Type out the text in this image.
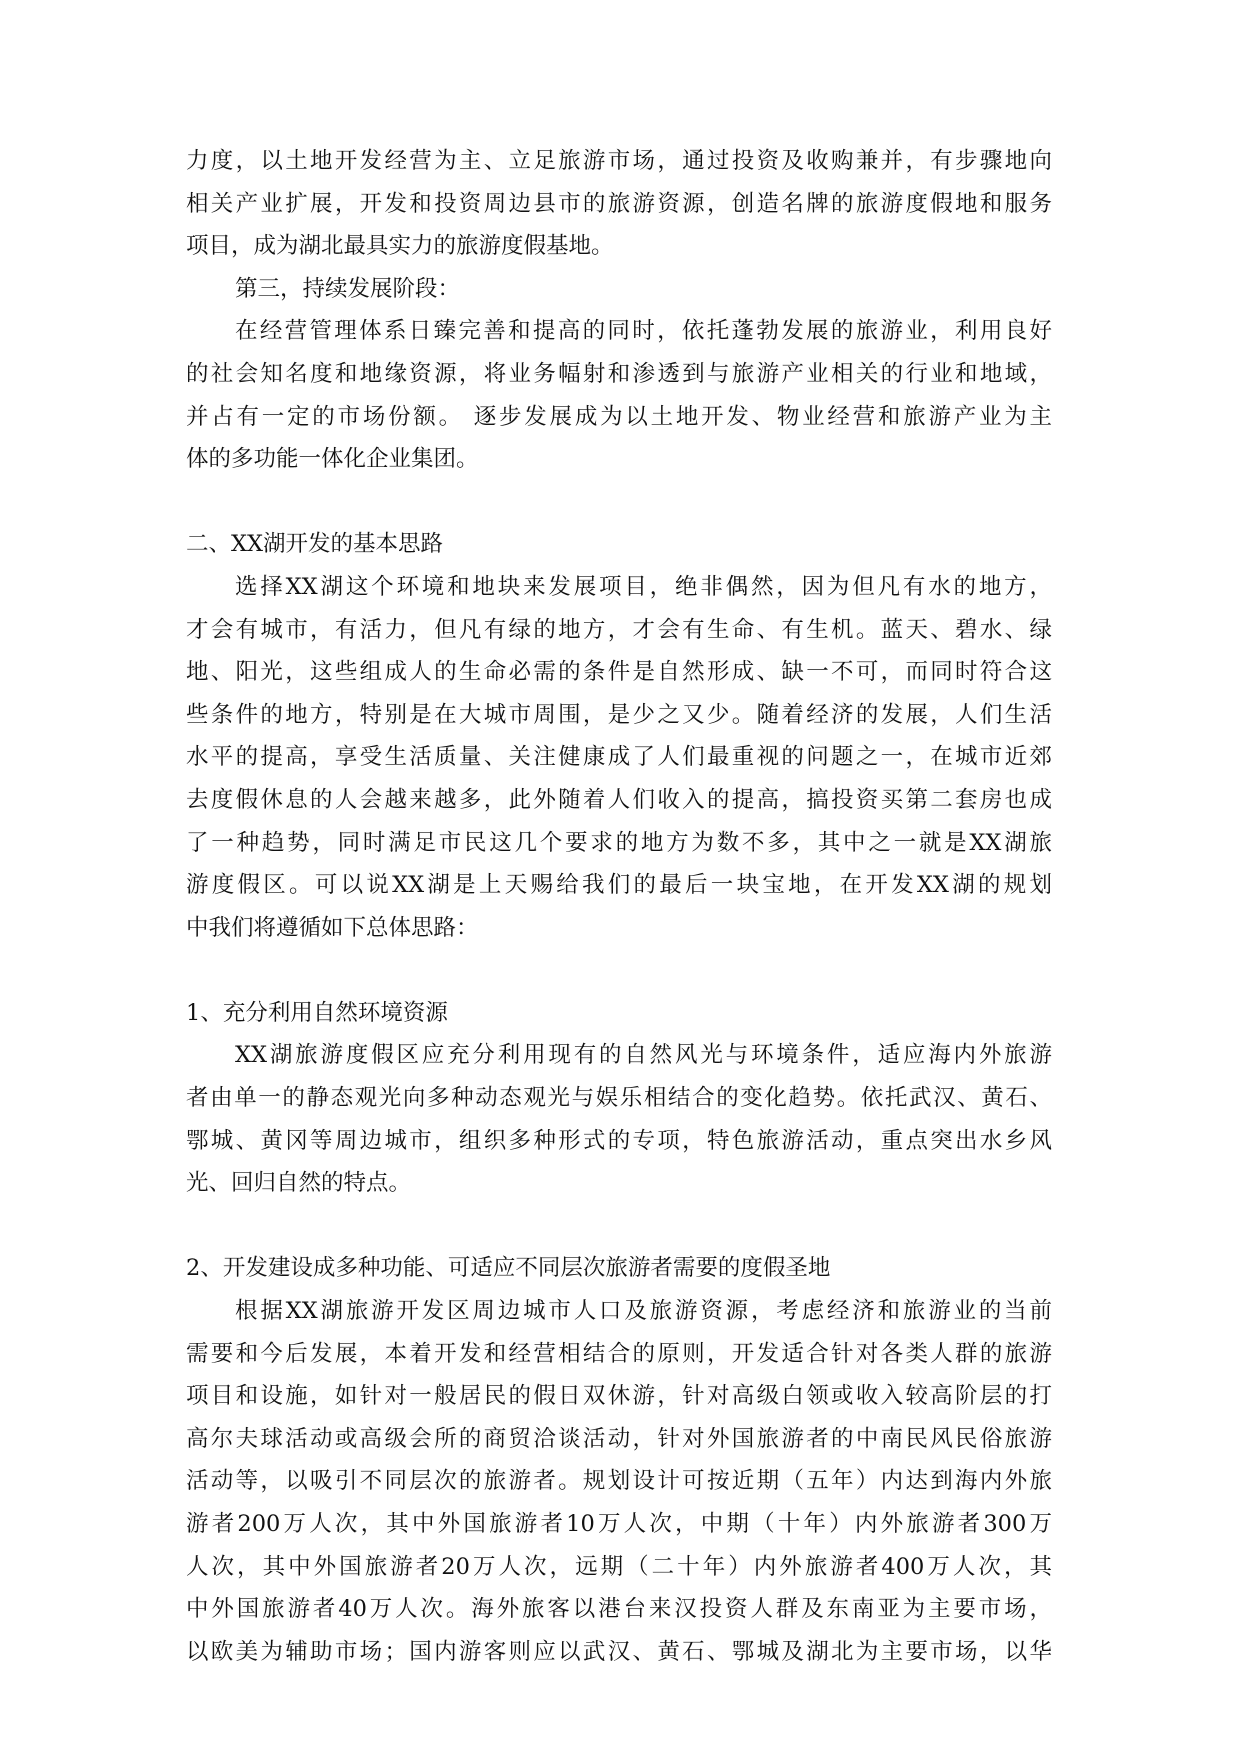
力度，以土地开发经营为主、立足旅游市场，通过投资及收购兼并，有步骤地向
相关产业扩展，开发和投资周边县市的旅游资源，创造名牌的旅游度假地和服务
项目，成为湖北最具实力的旅游度假基地。
第三，持续发展阶段：
在经营管理体系日臻完善和提高的同时，依托蓬勃发展的旅游业，利用良好
的社会知名度和地缘资源，将业务幅射和渗透到与旅游产业相关的行业和地域，
并占有一定的市场份额。 逐步发展成为以土地开发、物业经营和旅游产业为主
体的多功能一体化企业集团。
二、XX湖开发的基本思路
选择XX湖这个环境和地块来发展项目，绝非偶然，因为但凡有水的地方，
才会有城市，有活力，但凡有绿的地方，才会有生命、有生机。蓝天、碧水、绿
地、阳光，这些组成人的生命必需的条件是自然形成、缺一不可，而同时符合这
些条件的地方，特别是在大城市周围，是少之又少。随着经济的发展，人们生活
水平的提高，享受生活质量、关注健康成了人们最重视的问题之一，在城市近郊
去度假休息的人会越来越多，此外随着人们收入的提高，搞投资买第二套房也成
了一种趋势，同时满足市民这几个要求的地方为数不多，其中之一就是XX湖旅
游度假区。可以说XX湖是上天赐给我们的最后一块宝地，在开发XX湖的规划
中我们将遵循如下总体思路：
1、充分利用自然环境资源
XX湖旅游度假区应充分利用现有的自然风光与环境条件，适应海内外旅游
者由单一的静态观光向多种动态观光与娱乐相结合的变化趋势。依托武汉、黄石、
鄂城、黄冈等周边城市，组织多种形式的专项，特色旅游活动，重点突出水乡风
光、回归自然的特点。
2、开发建设成多种功能、可适应不同层次旅游者需要的度假圣地
根据XX湖旅游开发区周边城市人口及旅游资源，考虑经济和旅游业的当前
需要和今后发展，本着开发和经营相结合的原则，开发适合针对各类人群的旅游
项目和设施，如针对一般居民的假日双休游，针对高级白领或收入较高阶层的打
高尔夫球活动或高级会所的商贸洽谈活动，针对外国旅游者的中南民风民俗旅游
活动等，以吸引不同层次的旅游者。规划设计可按近期（五年）内达到海内外旅
游者200万人次，其中外国旅游者10万人次，中期（十年）内外旅游者300万
人次，其中外国旅游者20万人次，远期（二十年）内外旅游者400万人次，其
中外国旅游者40万人次。海外旅客以港台来汉投资人群及东南亚为主要市场，
以欧美为辅助市场；国内游客则应以武汉、黄石、鄂城及湖北为主要市场，以华
